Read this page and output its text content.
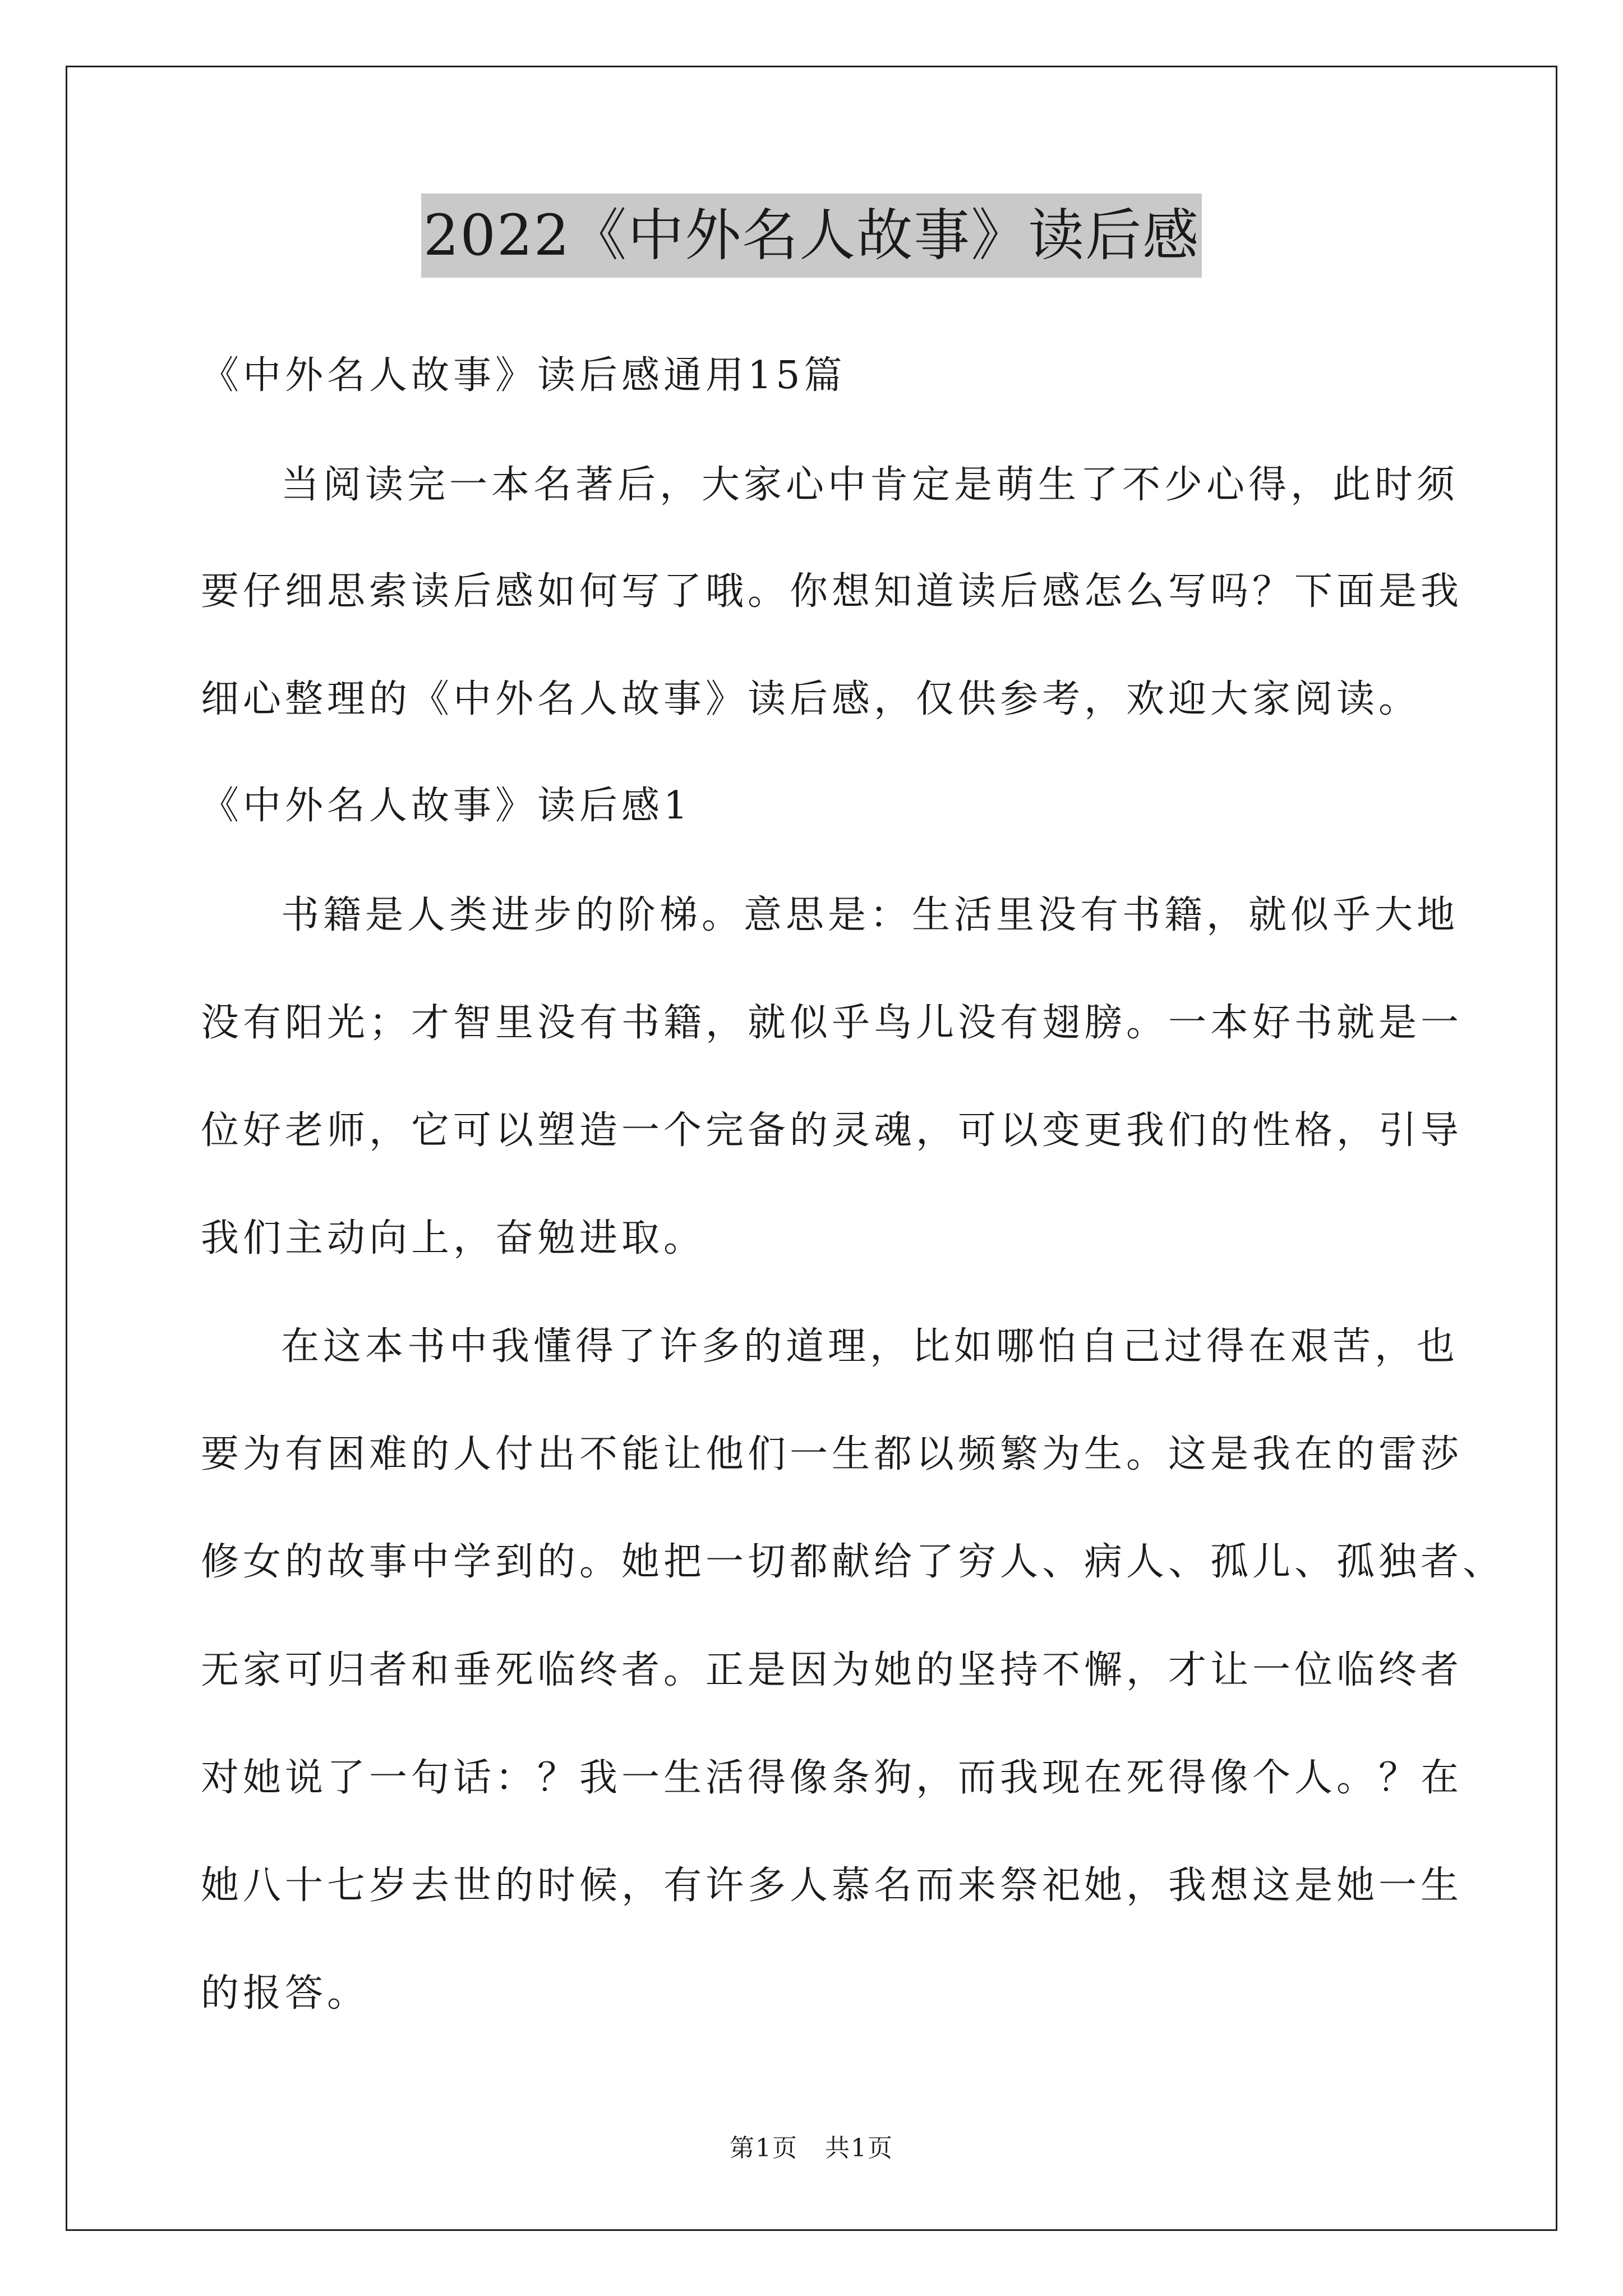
2022《中外名人故事》读后感
《中外名人故事》读后感通用15篇
当阅读完一本名著后，大家心中肯定是萌生了不少心得，此时须
要仔细思索读后感如何写了哦。你想知道读后感怎么写吗？下面是我
细心整理的《中外名人故事》读后感，仅供参考，欢迎大家阅读。
《中外名人故事》读后感1
书籍是人类进步的阶梯。意思是：生活里没有书籍，就似乎大地
没有阳光；才智里没有书籍，就似乎鸟儿没有翅膀。一本好书就是一
位好老师，它可以塑造一个完备的灵魂，可以变更我们的性格，引导
我们主动向上，奋勉进取。
在这本书中我懂得了许多的道理，比如哪怕自己过得在艰苦，也
要为有困难的人付出不能让他们一生都以频繁为生。这是我在的雷莎
修女的故事中学到的。她把一切都献给了穷人、病人、孤儿、孤独者、
无家可归者和垂死临终者。正是因为她的坚持不懈，才让一位临终者
对她说了一句话：？我一生活得像条狗，而我现在死得像个人。？在
她八十七岁去世的时候，有许多人慕名而来祭祀她，我想这是她一生
的报答。
第1页 共1页
